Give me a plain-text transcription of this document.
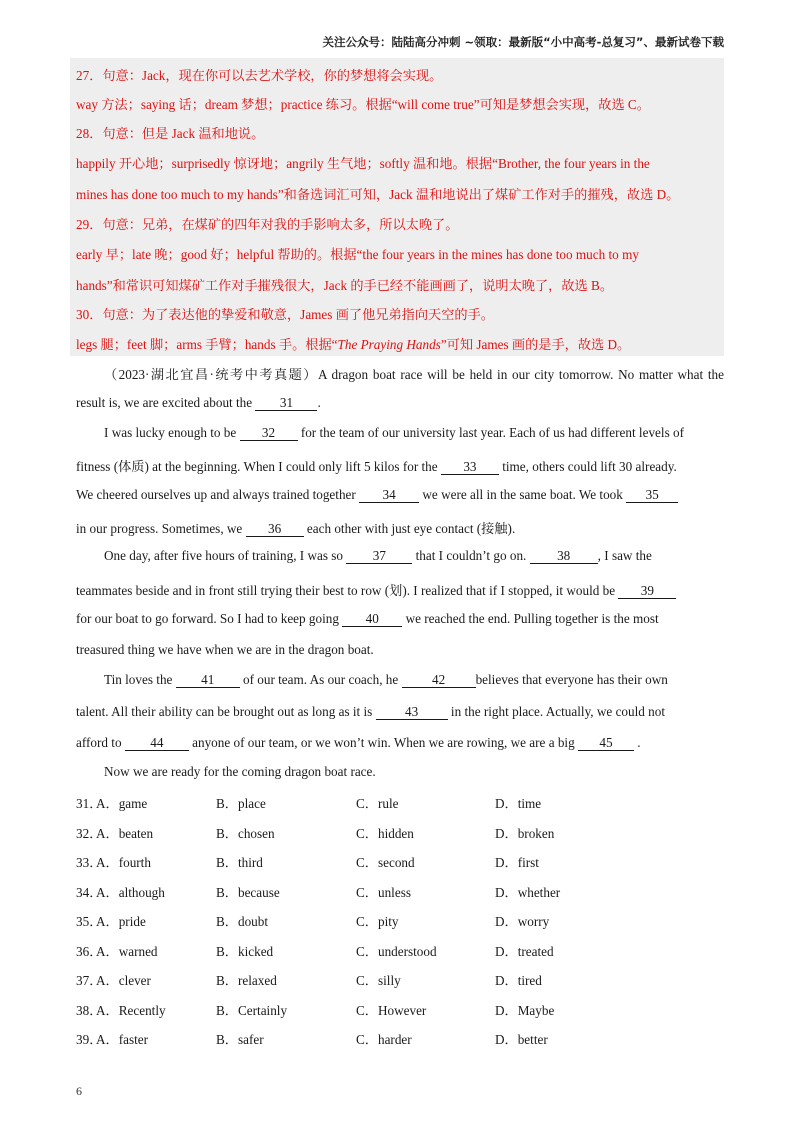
关注公众号：陆陆高分冲刺 ~领取：最新版“小中高考-总复习”、最新试卷下载
27．句意：Jack，现在你可以去艺术学校，你的梦想将会实现。
way 方法；saying 话；dream 梦想；practice 练习。根据“will come true”可知是梦想会实现，故选 C。
28．句意：但是 Jack 温和地说。
happily 开心地；surprisedly 惊讶地；angrily 生气地；softly 温和地。根据“Brother, the four years in the
mines has done too much to my hands”和备选词汇可知，Jack 温和地说出了煤矿工作对手的摧残，故选 D。
29．句意：兄弟，在煤矿的四年对我的手影响太多，所以太晚了。
early 早；late 晚；good 好；helpful 帮助的。根据“the four years in the mines has done too much to my
hands”和常识可知煤矿工作对手摧残很大，Jack 的手已经不能画画了，说明太晚了，故选 B。
30．句意：为了表达他的挚爱和敬意，James 画了他兄弟指向天空的手。
legs 腿；feet 脚；arms 手臂；hands 手。根据“The Praying Hands”可知 James 画的是手，故选 D。
（2023·湖北宜昌·统考中考真题）A dragon boat race will be held in our city tomorrow. No matter what the
result is, we are excited about the 31 .
I was lucky enough to be 32 for the team of our university last year. Each of us had different levels of
fitness (体质) at the beginning. When I could only lift 5 kilos for the 33 time, others could lift 30 already.
We cheered ourselves up and always trained together 34 we were all in the same boat. We took 35
in our progress. Sometimes, we 36 each other with just eye contact (接触).
One day, after five hours of training, I was so 37 that I couldn’t go on. 38 , I saw the
teammates beside and in front still trying their best to row (划). I realized that if I stopped, it would be 39
for our boat to go forward. So I had to keep going 40 we reached the end. Pulling together is the most
treasured thing we have when we are in the dragon boat.
Tin loves the 41 of our team. As our coach, he 42 believes that everyone has their own
talent. All their ability can be brought out as long as it is 43 in the right place. Actually, we could not
afford to 44 anyone of our team, or we won’t win. When we are rowing, we are a big 45 .
Now we are ready for the coming dragon boat race.
31．
A．game	B．place	C．rule	D．time
32．
A．beaten	B．chosen	C．hidden	D．broken
33．
A．fourth	B．third	C．second	D．first
34．
A．although	B．because	C．unless	D．whether
35．
A．pride	B．doubt	C．pity	D．worry
36．
A．warned	B．kicked	C．understood	D．treated
37．
A．clever	B．relaxed	C．silly	D．tired
38．
A．Recently	B．Certainly	C．However	D．Maybe
39．
A．faster	B．safer	C．harder	D．better
6
